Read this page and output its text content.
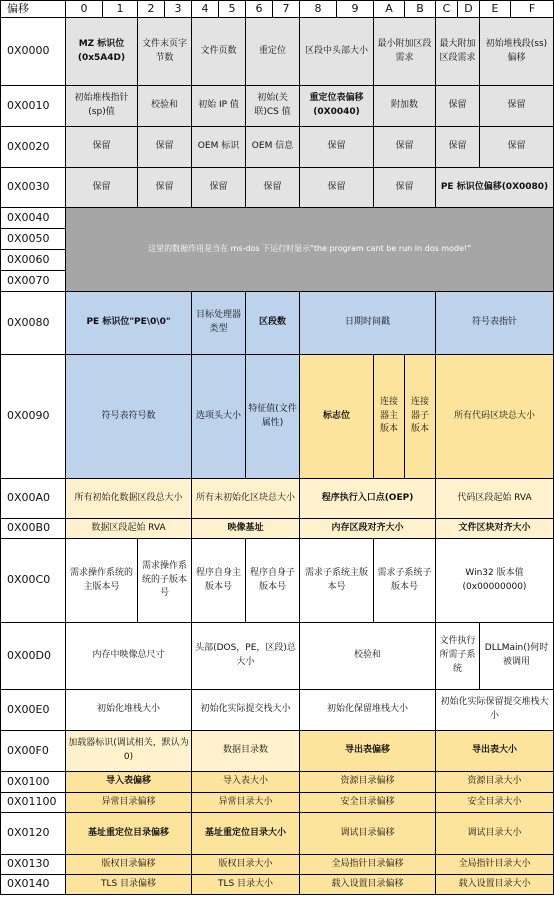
偏移	0	1	2	3	4	5	6	7	8	9	A	B	C	D	E	F
0X0000	MZ 标识位(0x5A4D)		文件末页字节数		文件页数		重定位		区段中头部大小		最小附加区段需求		最大附加区段需求		初始堆栈段(ss)偏移	
0X0010	初始堆栈指针(sp)值		校验和		初始 IP 值		初始(关联)CS 值		重定位表偏移(0X0040)		附加数		保留		保留	
0X0020	保留		保留		OEM 标识		OEM 信息		保留		保留		保留		保留	
0X0030	保留		保留		保留		保留		保留		保留		PE 标识位偏移(0X0080)			
0X0040	这里的数据作用是当在 ms-dos 下运行时显示"the program cant be run in dos mode!"															
0X0050																
0X0060																
0X0070																
0X0080	PE 标识位"PE\0\0"				目标处理器类型		区段数		日期时间戳				符号表指针			
0X0090	符号表符号数				选项头大小		特征值(文件属性)		标志位		连接器主版本	连接器子版本	所有代码区块总大小			
0X00A0	所有初始化数据区段总大小				所有未初始化区块总大小				程序执行入口点(OEP)				代码区段起始 RVA			
0X00B0	数据区段起始 RVA				映像基址				内存区段对齐大小				文件区块对齐大小			
0X00C0	需求操作系统的主版本号		需求操作系统的子版本号		程序自身主版本号		程序自身子版本号		需求子系统主版本号		需求子系统子版本号		Win32 版本值(0x00000000)			
0X00D0	内存中映像总尺寸				头部(DOS，PE，区段)总大小				校验和				文件执行所需子系统		DLLMain()何时被调用	
0X00E0	初始化堆栈大小				初始化实际提交栈大小				初始化保留堆栈大小				初始化实际保留提交堆栈大小			
0X00F0	加载器标识(调试相关，默认为 0)				数据目录数				导出表偏移				导出表大小			
0X0100	导入表偏移				导入表大小				资源目录偏移				资源目录大小			
0X01100	异常目录偏移				异常目录大小				安全目录偏移				安全目录大小			
0X0120	基址重定位目录偏移				基址重定位目录大小				调试目录偏移				调试目录大小			
0X0130	版权目录偏移				版权目录大小				全局指针目录偏移				全局指针目录大小			
0X0140	TLS 目录偏移				TLS 目录大小				载入设置目录偏移				载入设置目录大小			
